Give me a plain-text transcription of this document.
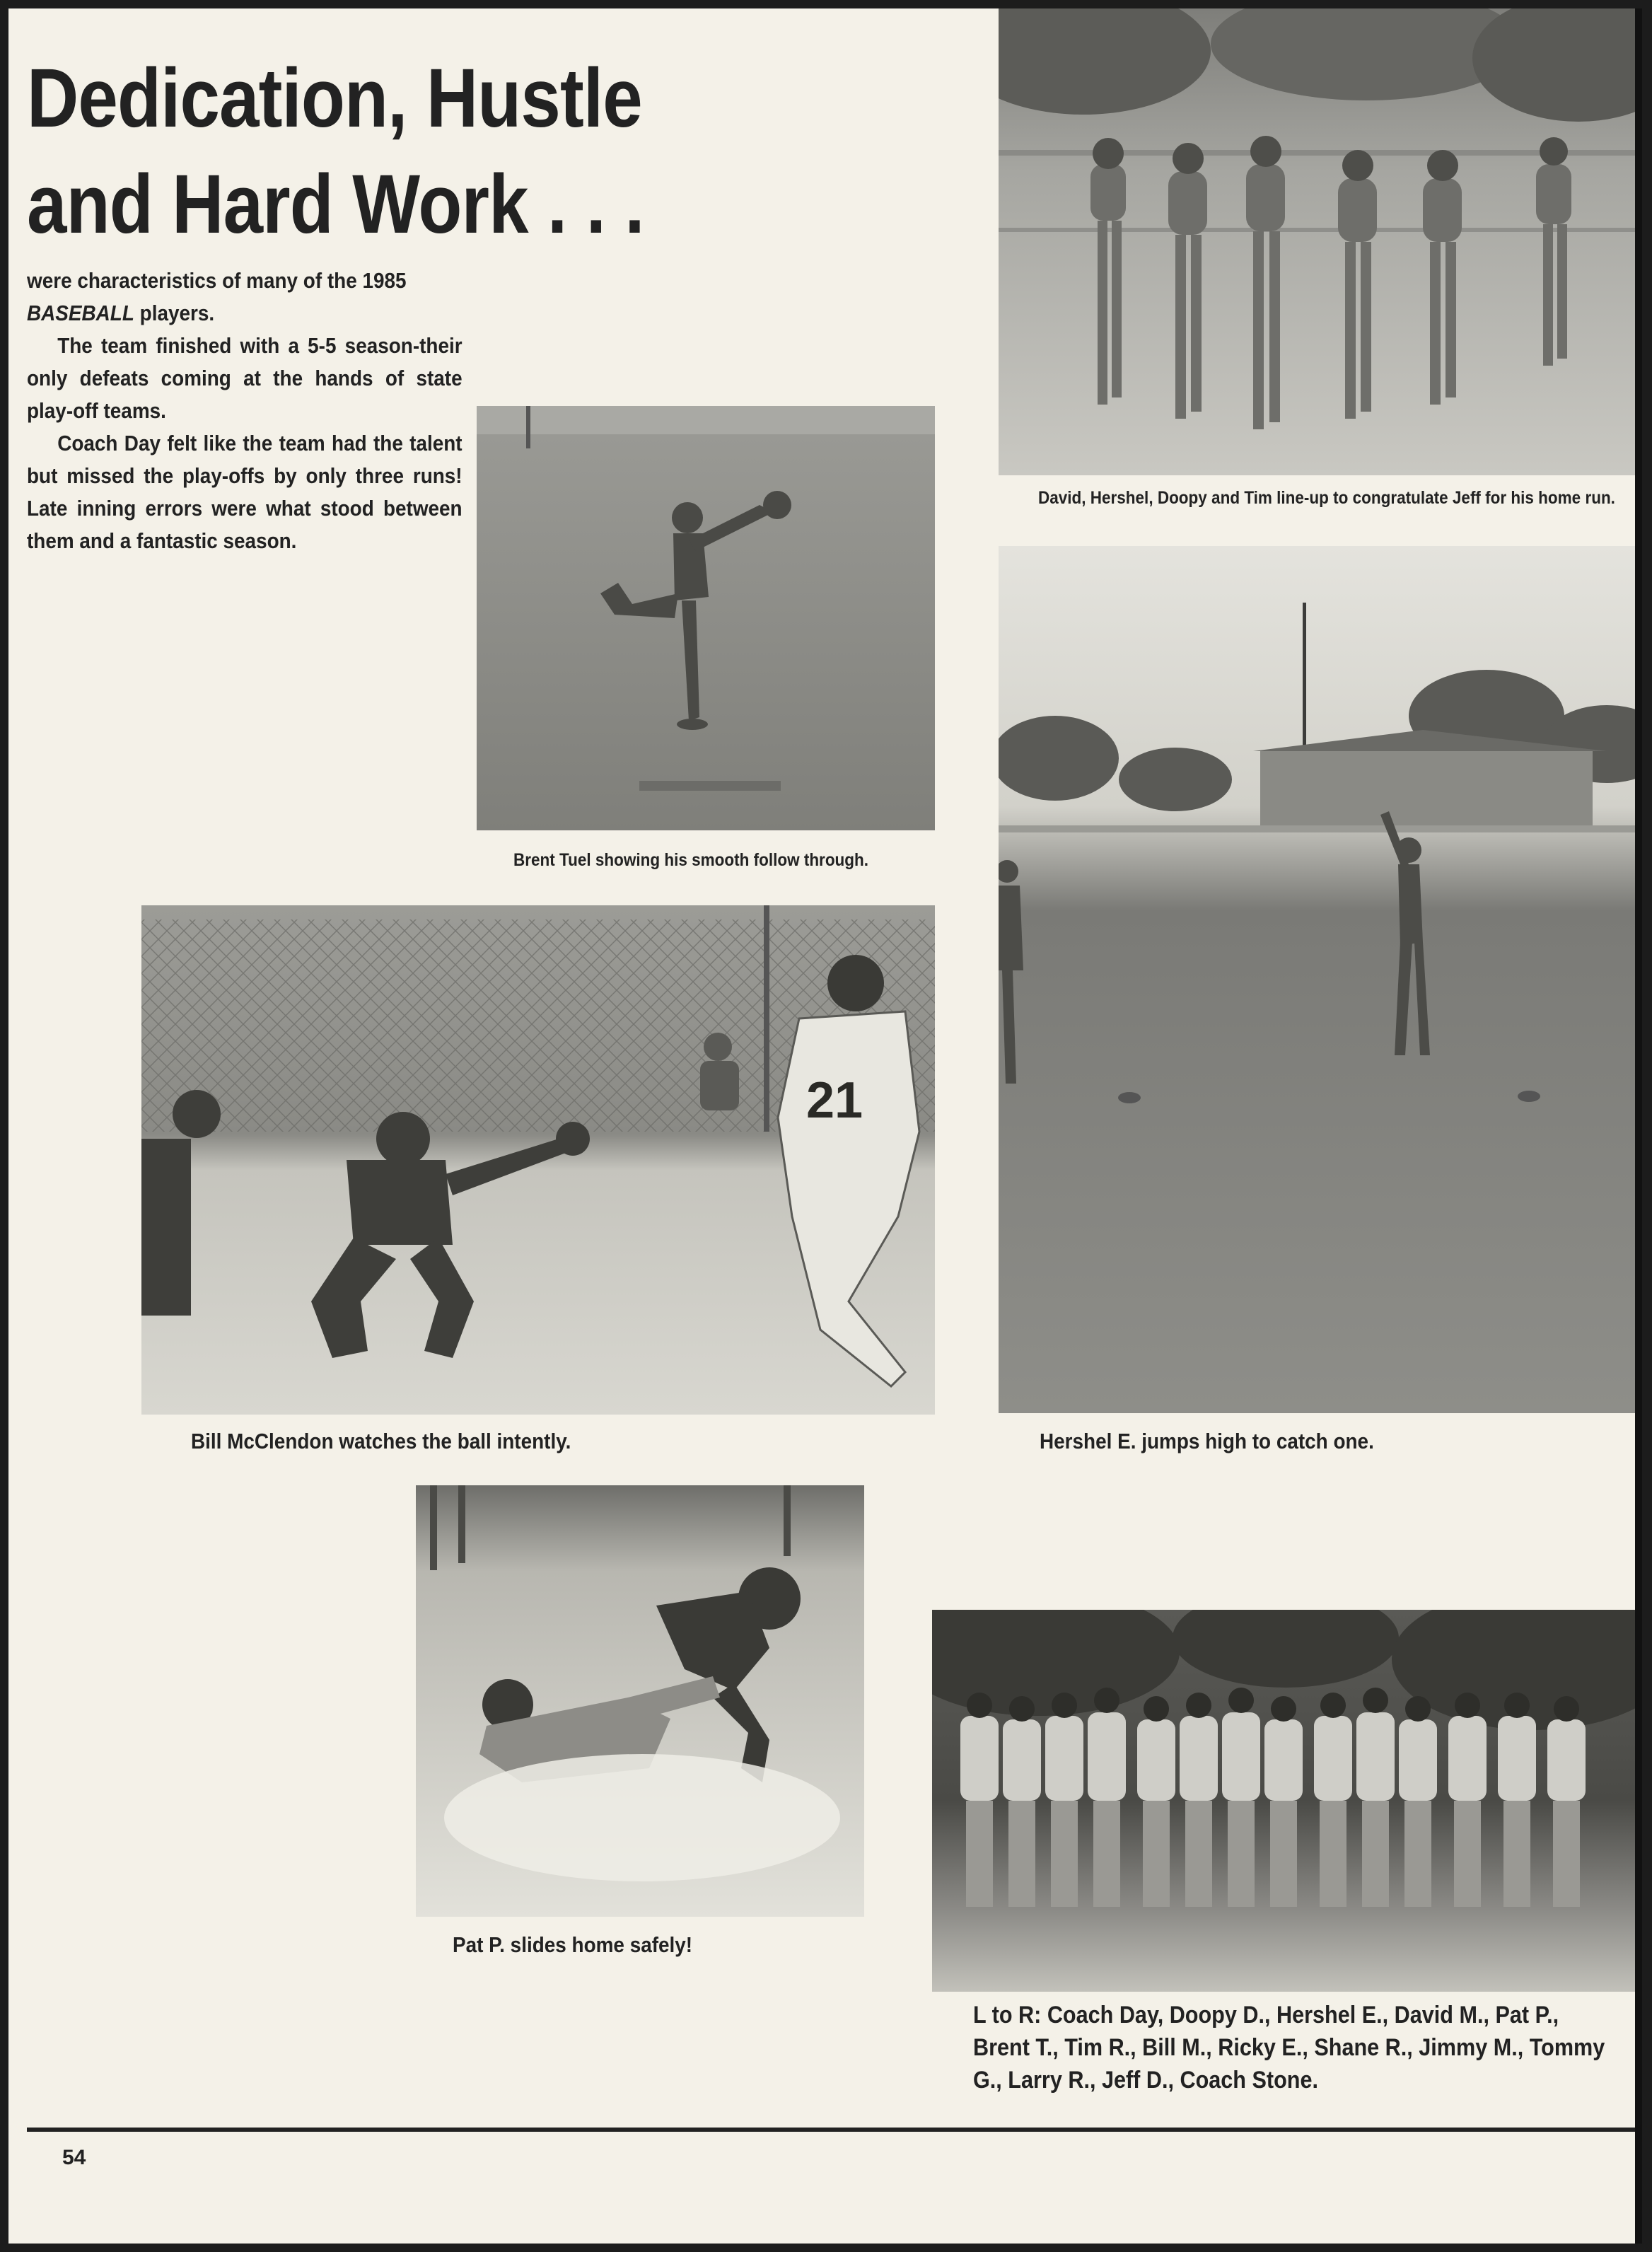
Dedication, Hustle
and Hard Work . . .

were characteristics of many of the 1985 BASEBALL players.

The team finished with a 5-5 season-their only defeats coming at the hands of state play-off teams.

Coach Day felt like the team had the talent but missed the play-offs by only three runs! Late inning errors were what stood between them and a fantastic season.

David, Hershel, Doopy and Tim line-up to congratulate Jeff for his home run.

Brent Tuel showing his smooth follow through.

Hershel E. jumps high to catch one.

21

Bill McClendon watches the ball intently.

Pat P. slides home safely!

L to R: Coach Day, Doopy D., Hershel E., David M., Pat P., Brent T., Tim R., Bill M., Ricky E., Shane R., Jimmy M., Tommy G., Larry R., Jeff D., Coach Stone.

54
